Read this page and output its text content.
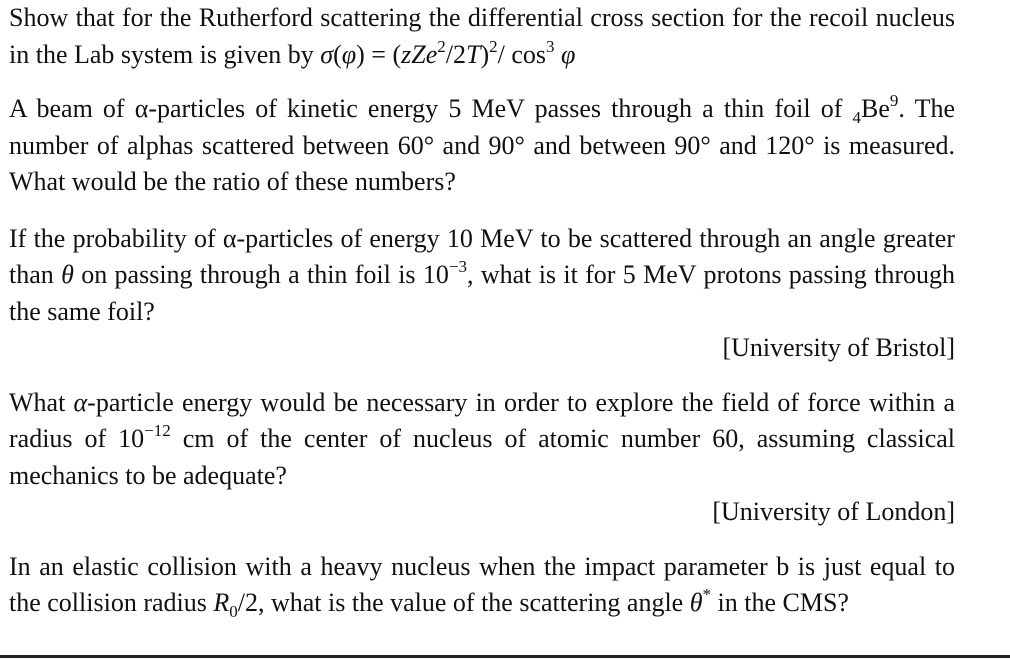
Show that for the Rutherford scattering the differential cross section for the recoil nucleus in the Lab system is given by $\sigma(\varphi) = (zZe^2/2T)^2/$ $\cos^3 \varphi$

A beam of α-particles of kinetic energy 5 MeV passes through a thin foil of $_4Be^9$. The number of alphas scattered between 60° and 90° and between 90° and 120° is measured. What would be the ratio of these numbers?

If the probability of α-particles of energy 10 MeV to be scattered through an angle greater than θ on passing through a thin foil is $10^{-3}$, what is it for 5 MeV protons passing through the same foil?

[University of Bristol]

What α-particle energy would be necessary in order to explore the field of force within a radius of $10^{-12}$ cm of the center of nucleus of atomic number 60, assuming classical mechanics to be adequate?

[University of London]

In an elastic collision with a heavy nucleus when the impact parameter b is just equal to the collision radius $R_0/2$, what is the value of the scattering angle θ* in the CMS?
